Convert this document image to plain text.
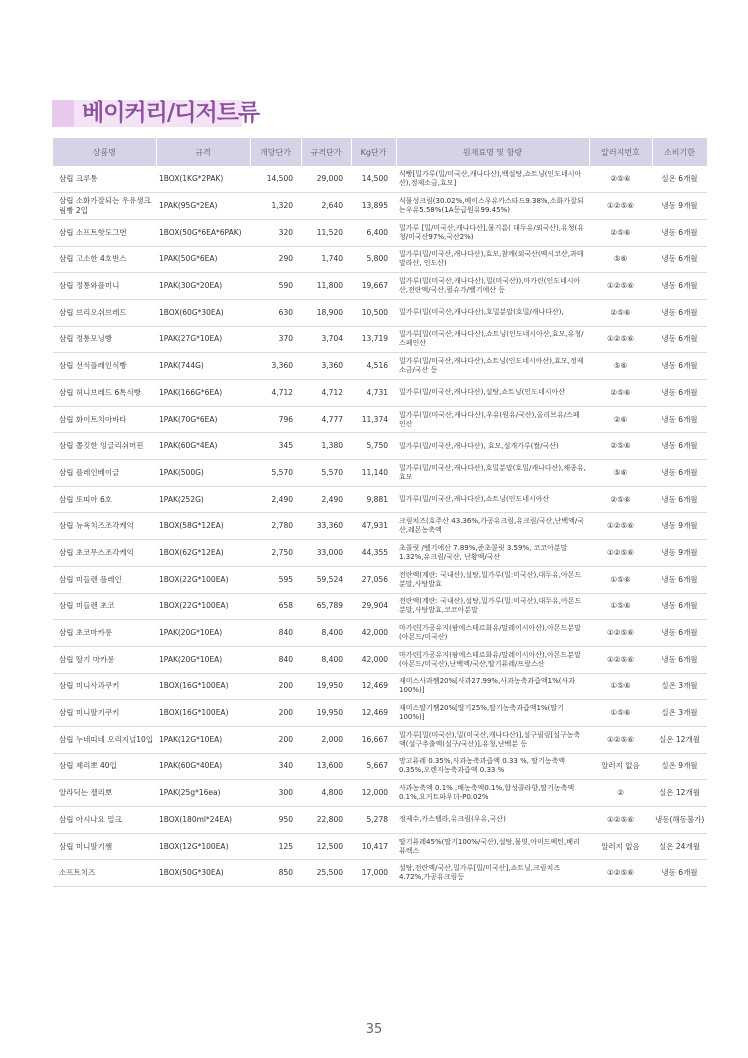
베이커리/디저트류
상품명	규격	개당단가	규격단가	Kg단가	원재료명 및 함량	알러지번호	소비기한
삼립 크루통	1BOX(1KG*2PAK)	14,500	29,000	14,500	식빵[밀가루(밀/미국산,캐나다산),백설탕,쇼트닝(인도네시아산),정제소금,효모]	②⑤⑥	실온 6개월
삼립 소화가잘되는 우유생크림빵 2입	1PAK(95G*2EA)	1,320	2,640	13,895	식물성크림(30.02%,베이스우유카스타드9.38%,소화가잘되는우유5.58%(1A등급원유99.45%)	①②⑤⑥	냉동 9개월
삼립 소프트핫도그번	1BOX(50G*6EA*6PAK)	320	11,520	6,400	밀가루 [밀/미국산,캐나다산],물기름( 대두유/외국산),유청(유청/미국산97%,국산2%)	②⑤⑥	냉동 6개월
삼립 고소한 4호번스	1PAK(50G*6EA)	290	1,740	5,800	밀가루(밀/미국산,캐나다산),효모,참깨(외국산(멕시코산,과테말라산, 인도산)	⑤⑥	냉동 6개월
삼립 정통와플미니	1PAK(30G*20EA)	590	11,800	19,667	밀가루(밀(미국산,캐나다산),밀(미국산)),마가린(인도네시아산,전란액/국산,펄슈가/벨기에산 등	①②⑤⑥	냉동 6개월
삼립 브리오쉬브레드	1BOX(60G*30EA)	630	18,900	10,500	밀가루(밀(미국산,캐나다산),호밀분말(호밀/캐나다산),	②⑤⑥	냉동 6개월
삼립 정통모닝빵	1PAK(27G*10EA)	370	3,704	13,719	밀가루[밀(미국산,캐나다산),쇼트닝(인도네시아산,효모,유청/스페인산	①②⑤⑥	냉동 6개월
삼립 선식플레인식빵	1PAK(744G)	3,360	3,360	4,516	밀가루(밀/미국산,캐나다산),쇼트닝(인도네시아산),효모,정제소금/국산 등	⑤⑥	냉동 6개월
삼립 허니브레드 6톡식빵	1PAK(166G*6EA)	4,712	4,712	4,731	밀가루(밀/미국산,캐나다산),설탕,쇼트닝(인도네시아산	②⑤⑥	냉동 6개월
삼립 화이트치아바타	1PAK(70G*6EA)	796	4,777	11,374	밀가루(밀(미국산,캐나다산),우유(원유/국산),올리브유/스페인산	②⑥	냉동 6개월
삼립 쫄깃한 잉글리쉬머핀	1PAK(60G*4EA)	345	1,380	5,750	밀가루(밀/미국산,캐나다산), 효모,설개가루(쌀/국산)	②⑤⑥	냉동 6개월
삼립 플레인베이글	1PAK(500G)	5,570	5,570	11,140	밀가루(밀/미국산,캐나다산),호밀분말(호밀/캐나다산),채종유,효모	⑤⑥	냉동 6개월
삼립 또띠아 6호	1PAK(252G)	2,490	2,490	9,881	밀가루(밀/미국산,캐나다산),쇼트닝(인도네시아산	②⑤⑥	냉동 6개월
삼립 뉴욕치즈조각케익	1BOX(58G*12EA)	2,780	33,360	47,931	크림치즈(호주산 43.36%,가공유크림,유크림/국산,난백액/국산,레몬농축액	①②⑤⑥	냉동 9개월
삼립 초코무스조각케익	1BOX(62G*12EA)	2,750	33,000	44,355	초콜릿 /벨기에산 7.89%,준초콜릿 3.59%, 코코아분말 1.32%,유크림/국산, 난황액/국산	①②⑤⑥	냉동 9개월
삼립 미들렌 플레인	1BOX(22G*100EA)	595	59,524	27,056	전란액(계란: 국내산),설탕,밀가루(밀:미국산),대두유,아몬드분말,사탕발효	①⑤⑥	냉동 6개월
삼립 미들렌 초코	1BOX(22G*100EA)	658	65,789	29,904	전란액(계란: 국내산),설탕,밀가루(밀:미국산),대두유,아몬드분말,사탕발효,코코아분말	①⑤⑥	냉동 6개월
삼립 초코마카롱	1PAK(20G*10EA)	840	8,400	42,000	마가린[가공유지(팜에스테르화유/말레이시아산),아몬드분말(아몬드/미국산)	①②⑤⑥	냉동 6개월
삼립 딸기 마카롱	1PAK(20G*10EA)	840	8,400	42,000	마가린[가공유지(팜에스테르화유/말레이시아산),아몬드분말(아몬드/미국산),난백액/국산,딸기퓨레/프랑스산	①②⑤⑥	냉동 6개월
삼립 미니사과쿠키	1BOX(16G*100EA)	200	19,950	12,469	재미스사과쨈20%[사과27.99%,사과농축과즙액1%(사과 100%)]	①⑤⑥	실온 3개월
삼립 미니딸기쿠키	1BOX(16G*100EA)	200	19,950	12,469	재미스딸기쨈20%[딸기25%,딸기농축과즙액1%(딸기 100%)]	①⑤⑥	실온 3개월
삼립 누네띠네 오리지널10입	1PAK(12G*10EA)	200	2,000	16,667	밀가루[밀(미국산),밀(미국산,캐나다산)],설구필링[설구농축액(설구추출액(설구/국산)],유청,난백분 등	①②⑤⑥	실온 12개월
삼립 제리뽀 40입	1PAK(60G*40EA)	340	13,600	5,667	망고퓨레 0.35%,사과농축과즙액 0.33 %, 딸기농축액 0.35%,오렌지농축과즙액 0.33 %	알러지 없음	실온 9개월
알라딕는 젤리뽀	1PAK(25g*16ea)	300	4,800	12,000	사과농축액 0.1% ,배농축액0.1%,합성콜라향,딸기농축액 0.1%,요거트파우더-P0.02%	②	실온 12개월
삼립 아시나요 밀크	1BOX(180ml*24EA)	950	22,800	5,278	정제수,카스텔라,유크림(우유,국산)	①②⑤⑥	냉동(해동불가)
삼립 미니딸기쨈	1BOX(12G*100EA)	125	12,500	10,417	딸기퓨레45%(딸기100%/국산),설탕,물엿,아미드펙틴,베리퓨렉스	알러지 없음	실온 24개월
소프트치즈	1BOX(50G*30EA)	850	25,500	17,000	설탕,전란액/국산,밀가루[밀/미국산],쇼트닝,크림치즈 4.72%,가공유크림등	①②⑤⑥	냉동 6개월
35
